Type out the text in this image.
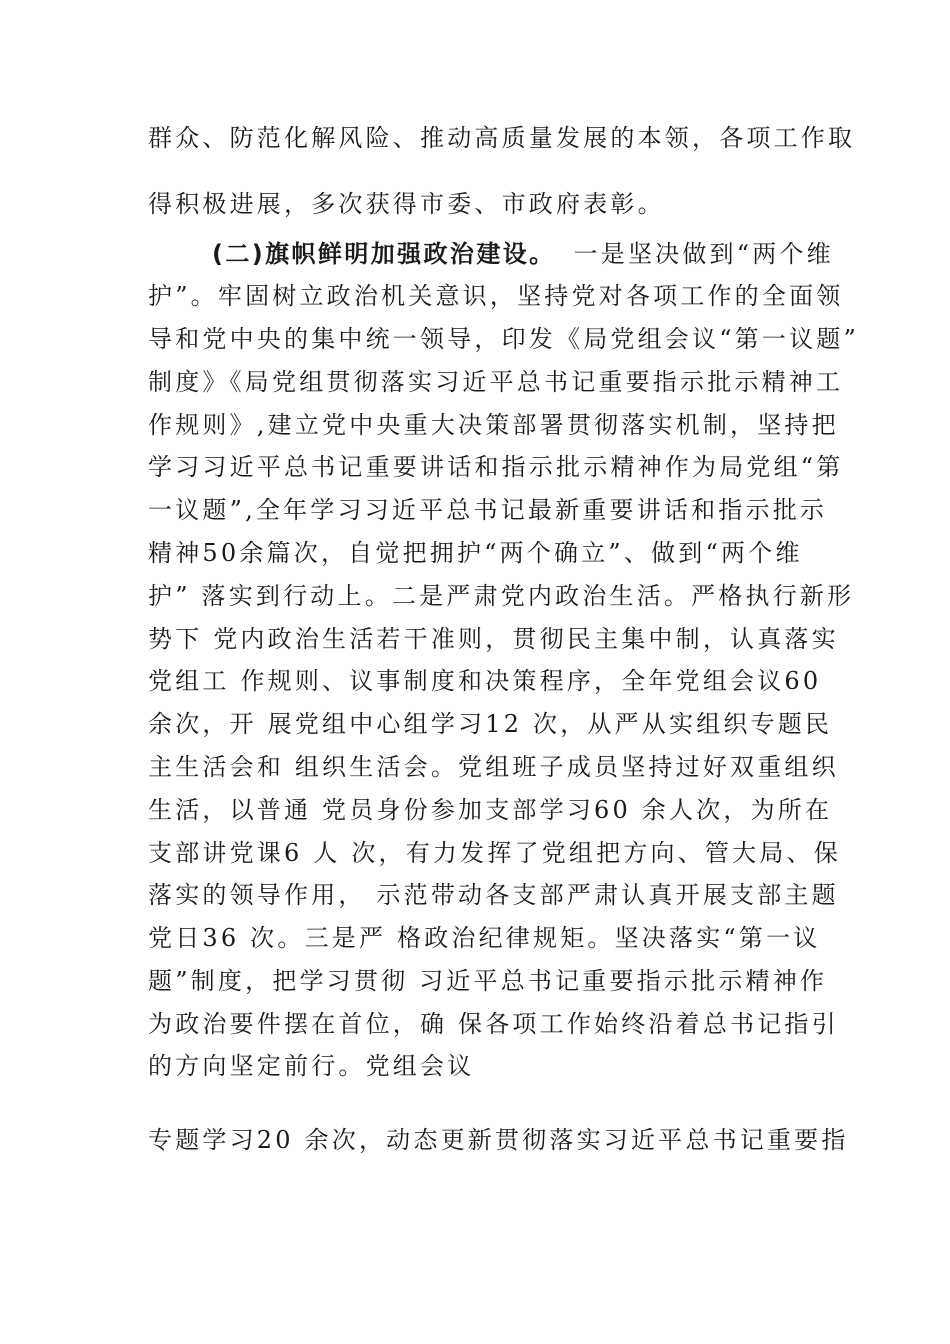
群众、防范化解风险、推动高质量发展的本领，各项工作取
得积极进展，多次获得市委、市政府表彰。
(二)旗帜鲜明加强政治建设。 一是坚决做到“两个维
护”。牢固树立政治机关意识，坚持党对各项工作的全面领
导和党中央的集中统一领导，印发《局党组会议“第一议题”
制度》《局党组贯彻落实习近平总书记重要指示批示精神工
作规则》,建立党中央重大决策部署贯彻落实机制，坚持把
学习习近平总书记重要讲话和指示批示精神作为局党组“第
一议题”,全年学习习近平总书记最新重要讲话和指示批示
精神50余篇次，自觉把拥护“两个确立”、做到“两个维
护” 落实到行动上。二是严肃党内政治生活。严格执行新形
势下 党内政治生活若干准则，贯彻民主集中制，认真落实
党组工 作规则、议事制度和决策程序，全年党组会议60
余次，开 展党组中心组学习12 次，从严从实组织专题民
主生活会和 组织生活会。党组班子成员坚持过好双重组织
生活，以普通 党员身份参加支部学习60 余人次，为所在
支部讲党课6 人 次，有力发挥了党组把方向、管大局、保
落实的领导作用， 示范带动各支部严肃认真开展支部主题
党日36 次。三是严 格政治纪律规矩。坚决落实“第一议
题”制度，把学习贯彻 习近平总书记重要指示批示精神作
为政治要件摆在首位，确 保各项工作始终沿着总书记指引
的方向坚定前行。党组会议
专题学习20 余次，动态更新贯彻落实习近平总书记重要指
